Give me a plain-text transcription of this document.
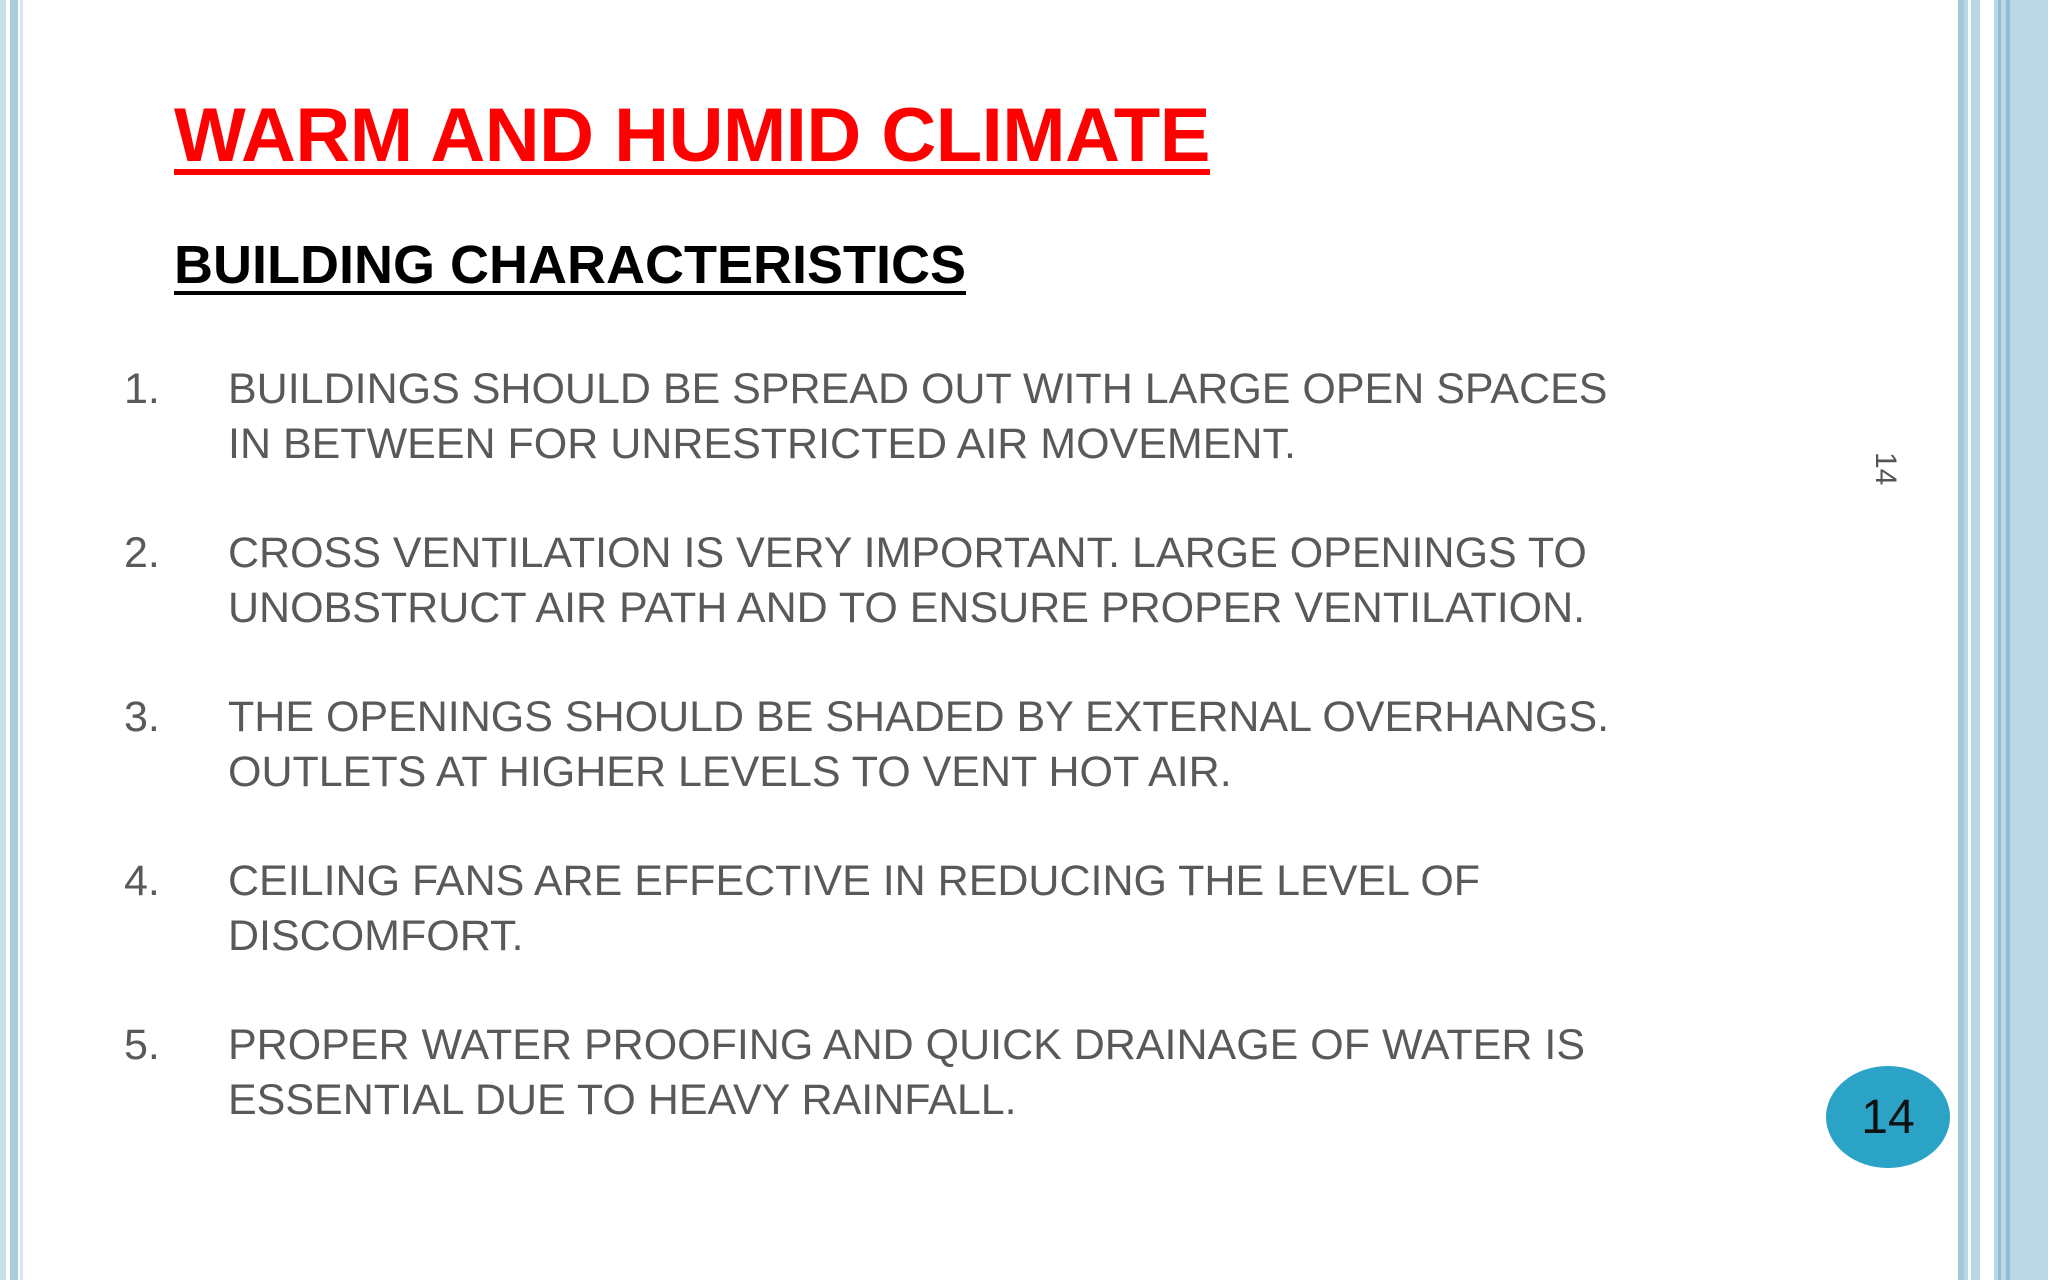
WARM AND HUMID CLIMATE
BUILDING CHARACTERISTICS
1. BUILDINGS SHOULD BE SPREAD OUT WITH LARGE OPEN SPACES
IN BETWEEN FOR UNRESTRICTED AIR MOVEMENT.
2. CROSS VENTILATION IS VERY IMPORTANT. LARGE OPENINGS TO
UNOBSTRUCT AIR PATH AND TO ENSURE PROPER VENTILATION.
3. THE OPENINGS SHOULD BE SHADED BY EXTERNAL OVERHANGS.
OUTLETS AT HIGHER LEVELS TO VENT HOT AIR.
4. CEILING FANS ARE EFFECTIVE IN REDUCING THE LEVEL OF
DISCOMFORT.
5. PROPER WATER PROOFING AND QUICK DRAINAGE OF WATER IS
ESSENTIAL DUE TO HEAVY RAINFALL.
14
14
